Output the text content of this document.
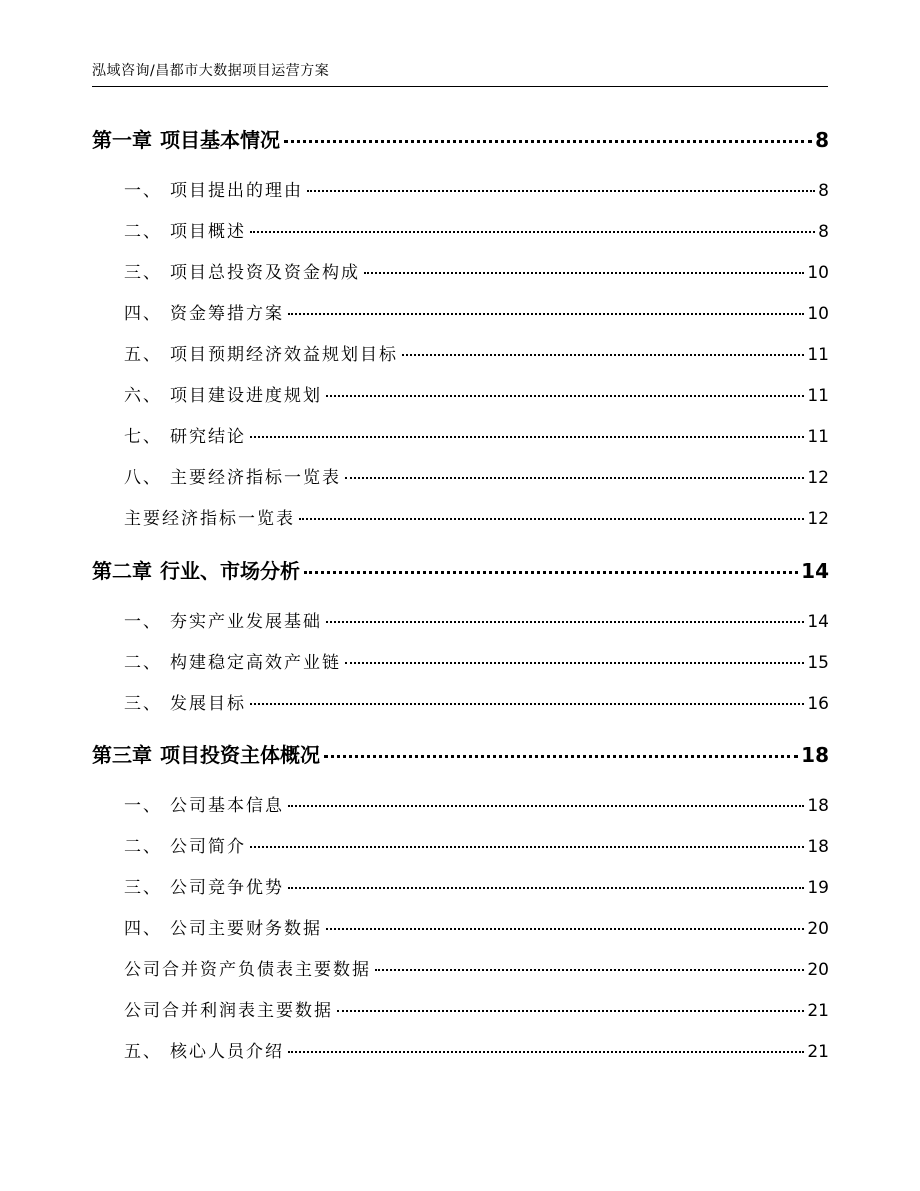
泓域咨询/昌都市大数据项目运营方案
第一章 项目基本情况	8
一、 项目提出的理由	8
二、 项目概述	8
三、 项目总投资及资金构成	10
四、 资金筹措方案	10
五、 项目预期经济效益规划目标	11
六、 项目建设进度规划	11
七、 研究结论	11
八、 主要经济指标一览表	12
主要经济指标一览表	12
第二章 行业、市场分析	14
一、 夯实产业发展基础	14
二、 构建稳定高效产业链	15
三、 发展目标	16
第三章 项目投资主体概况	18
一、 公司基本信息	18
二、 公司简介	18
三、 公司竞争优势	19
四、 公司主要财务数据	20
公司合并资产负债表主要数据	20
公司合并利润表主要数据	21
五、 核心人员介绍	21
